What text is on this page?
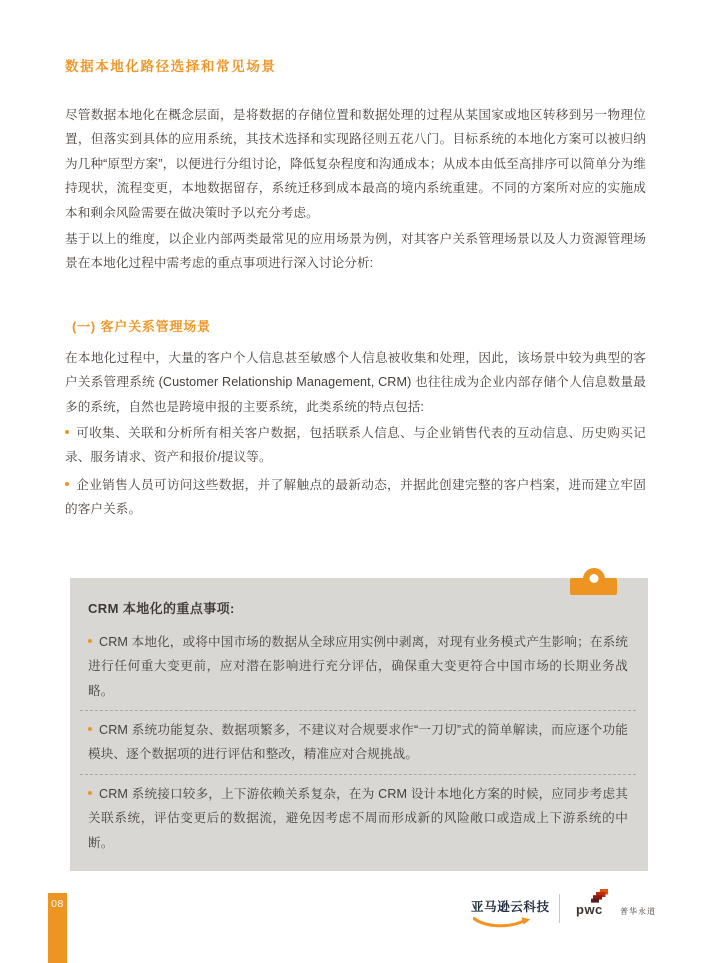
数据本地化路径选择和常见场景

尽管数据本地化在概念层面，是将数据的存储位置和数据处理的过程从某国家或地区转移到另一物理位置，但落实到具体的应用系统，其技术选择和实现路径则五花八门。目标系统的本地化方案可以被归纳为几种“原型方案”，以便进行分组讨论，降低复杂程度和沟通成本；从成本由低至高排序可以简单分为维持现状，流程变更，本地数据留存，系统迁移到成本最高的境内系统重建。不同的方案所对应的实施成本和剩余风险需要在做决策时予以充分考虑。

基于以上的维度，以企业内部两类最常见的应用场景为例，对其客户关系管理场景以及人力资源管理场景在本地化过程中需考虑的重点事项进行深入讨论分析:

(一) 客户关系管理场景

在本地化过程中，大量的客户个人信息甚至敏感个人信息被收集和处理，因此，该场景中较为典型的客户关系管理系统 (Customer Relationship Management, CRM) 也往往成为企业内部存储个人信息数量最多的系统，自然也是跨境申报的主要系统，此类系统的特点包括:

可收集、关联和分析所有相关客户数据，包括联系人信息、与企业销售代表的互动信息、历史购买记录、服务请求、资产和报价/提议等。

企业销售人员可访问这些数据，并了解触点的最新动态，并据此创建完整的客户档案，进而建立牢固的客户关系。

CRM 本地化的重点事项:

CRM 本地化，或将中国市场的数据从全球应用实例中剥离，对现有业务模式产生影响；在系统进行任何重大变更前，应对潜在影响进行充分评估，确保重大变更符合中国市场的长期业务战略。

CRM 系统功能复杂、数据项繁多，不建议对合规要求作“一刀切”式的简单解读，而应逐个功能模块、逐个数据项的进行评估和整改，精准应对合规挑战。

CRM 系统接口较多，上下游依赖关系复杂，在为 CRM 设计本地化方案的时候，应同步考虑其关联系统，评估变更后的数据流，避免因考虑不周而形成新的风险敞口或造成上下游系统的中断。

08	亚马逊云科技	pwc	普华永道
